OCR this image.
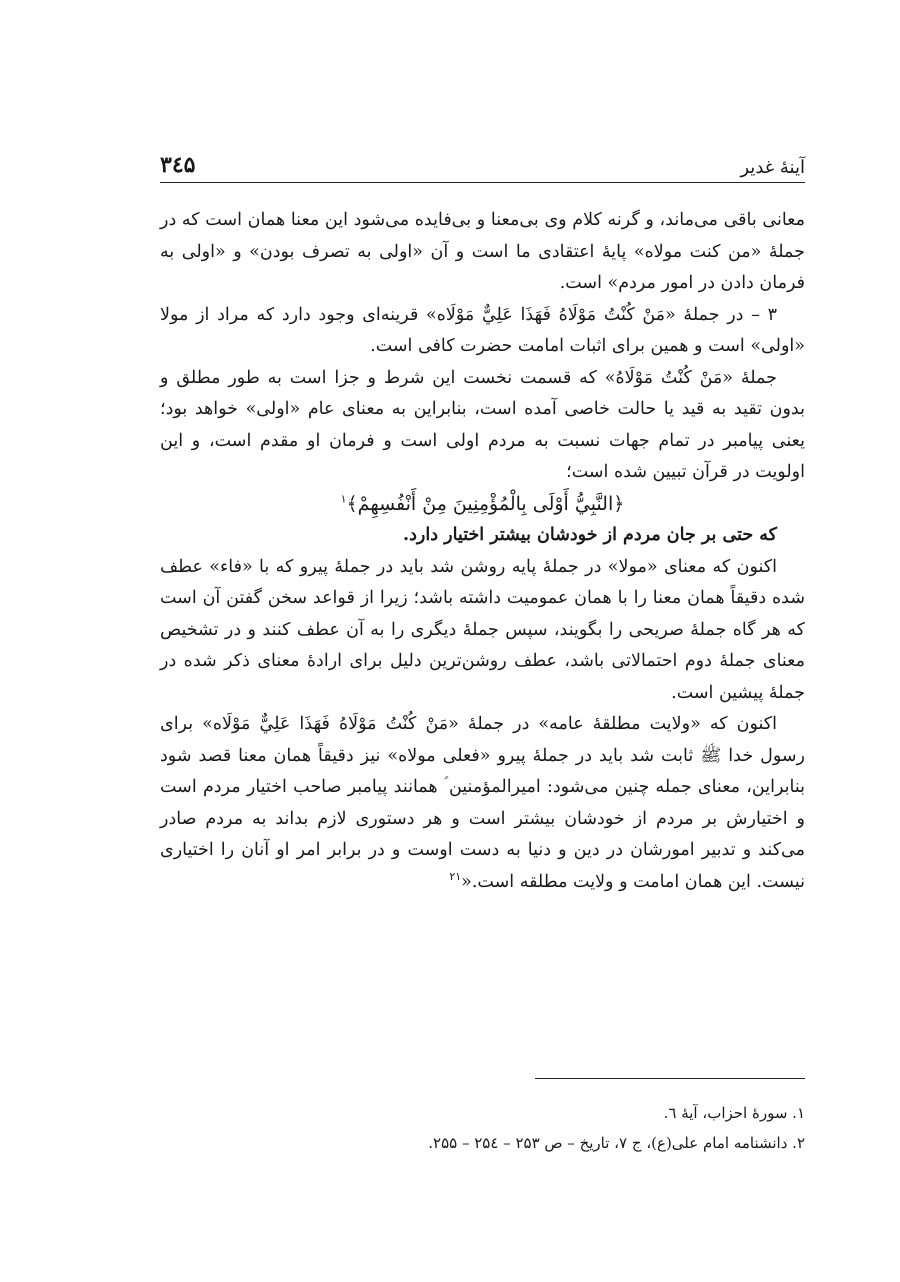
آینهٔ غدیر
۳٤۵

معانی باقی می‌ماند، و گرنه کلام وی بی‌معنا و بی‌فایده می‌شود این معنا همان است که در جملهٔ «من کنت مولاه» پایهٔ اعتقادی ما است و آن «اولی به تصرف بودن» و «اولی به فرمان دادن در امور مردم» است.

۳ – در جملهٔ «مَنْ کُنْتُ مَوْلَاهُ فَهَذَا عَلِيٌّ مَوْلَاه» قرینه‌ای وجود دارد که مراد از مولا «اولی» است و همین برای اثبات امامت حضرت کافی است.

جملهٔ «مَنْ کُنْتُ مَوْلَاهُ» که قسمت نخست این شرط و جزا است به طور مطلق و بدون تقید به قید یا حالت خاصی آمده است، بنابراین به معنای عام «اولی» خواهد بود؛ یعنی پیامبر در تمام جهات نسبت به مردم اولی است و فرمان او مقدم است، و این اولویت در قرآن تبیین شده است؛

﴿النَّبِيُّ أَوْلَى بِالْمُؤْمِنِينَ مِنْ أَنْفُسِهِمْ﴾$^۱$

که حتی بر جان مردم از خودشان بیشتر اختیار دارد.

اکنون که معنای «مولا» در جملهٔ پایه روشن شد باید در جملهٔ پیرو که با «فاء» عطف شده دقیقاً همان معنا را با همان عمومیت داشته باشد؛ زیرا از قواعد سخن گفتن آن است که هر گاه جملهٔ صریحی را بگویند، سپس جملهٔ دیگری را به آن عطف کنند و در تشخیص معنای جملهٔ دوم احتمالاتی باشد، عطف روشن‌ترین دلیل برای ارادهٔ معنای ذکر شده در جملهٔ پیشین است.

اکنون که «ولایت مطلقهٔ عامه» در جملهٔ «مَنْ کُنْتُ مَوْلَاهُ فَهَذَا عَلِيٌّ مَوْلَاه» برای رسول خدا ﷺ ثابت شد باید در جملهٔ پیرو «فعلی مولاه» نیز دقیقاً همان معنا قصد شود بنابراین، معنای جمله چنین می‌شود: امیرالمؤمنین ؑ همانند پیامبر صاحب اختیار مردم است و اختیارش بر مردم از خودشان بیشتر است و هر دستوری لازم بداند به مردم صادر می‌کند و تدبیر امورشان در دین و دنیا به دست اوست و در برابر امر او آنان را اختیاری نیست. این همان امامت و ولایت مطلقه است.«$^{۲۱}$

۱. سورهٔ احزاب، آیهٔ ٦.

۲. دانشنامه امام علی(ع)، ج ۷، تاریخ – ص ۲۵۳ – ۲۵٤ – ۲۵۵.
